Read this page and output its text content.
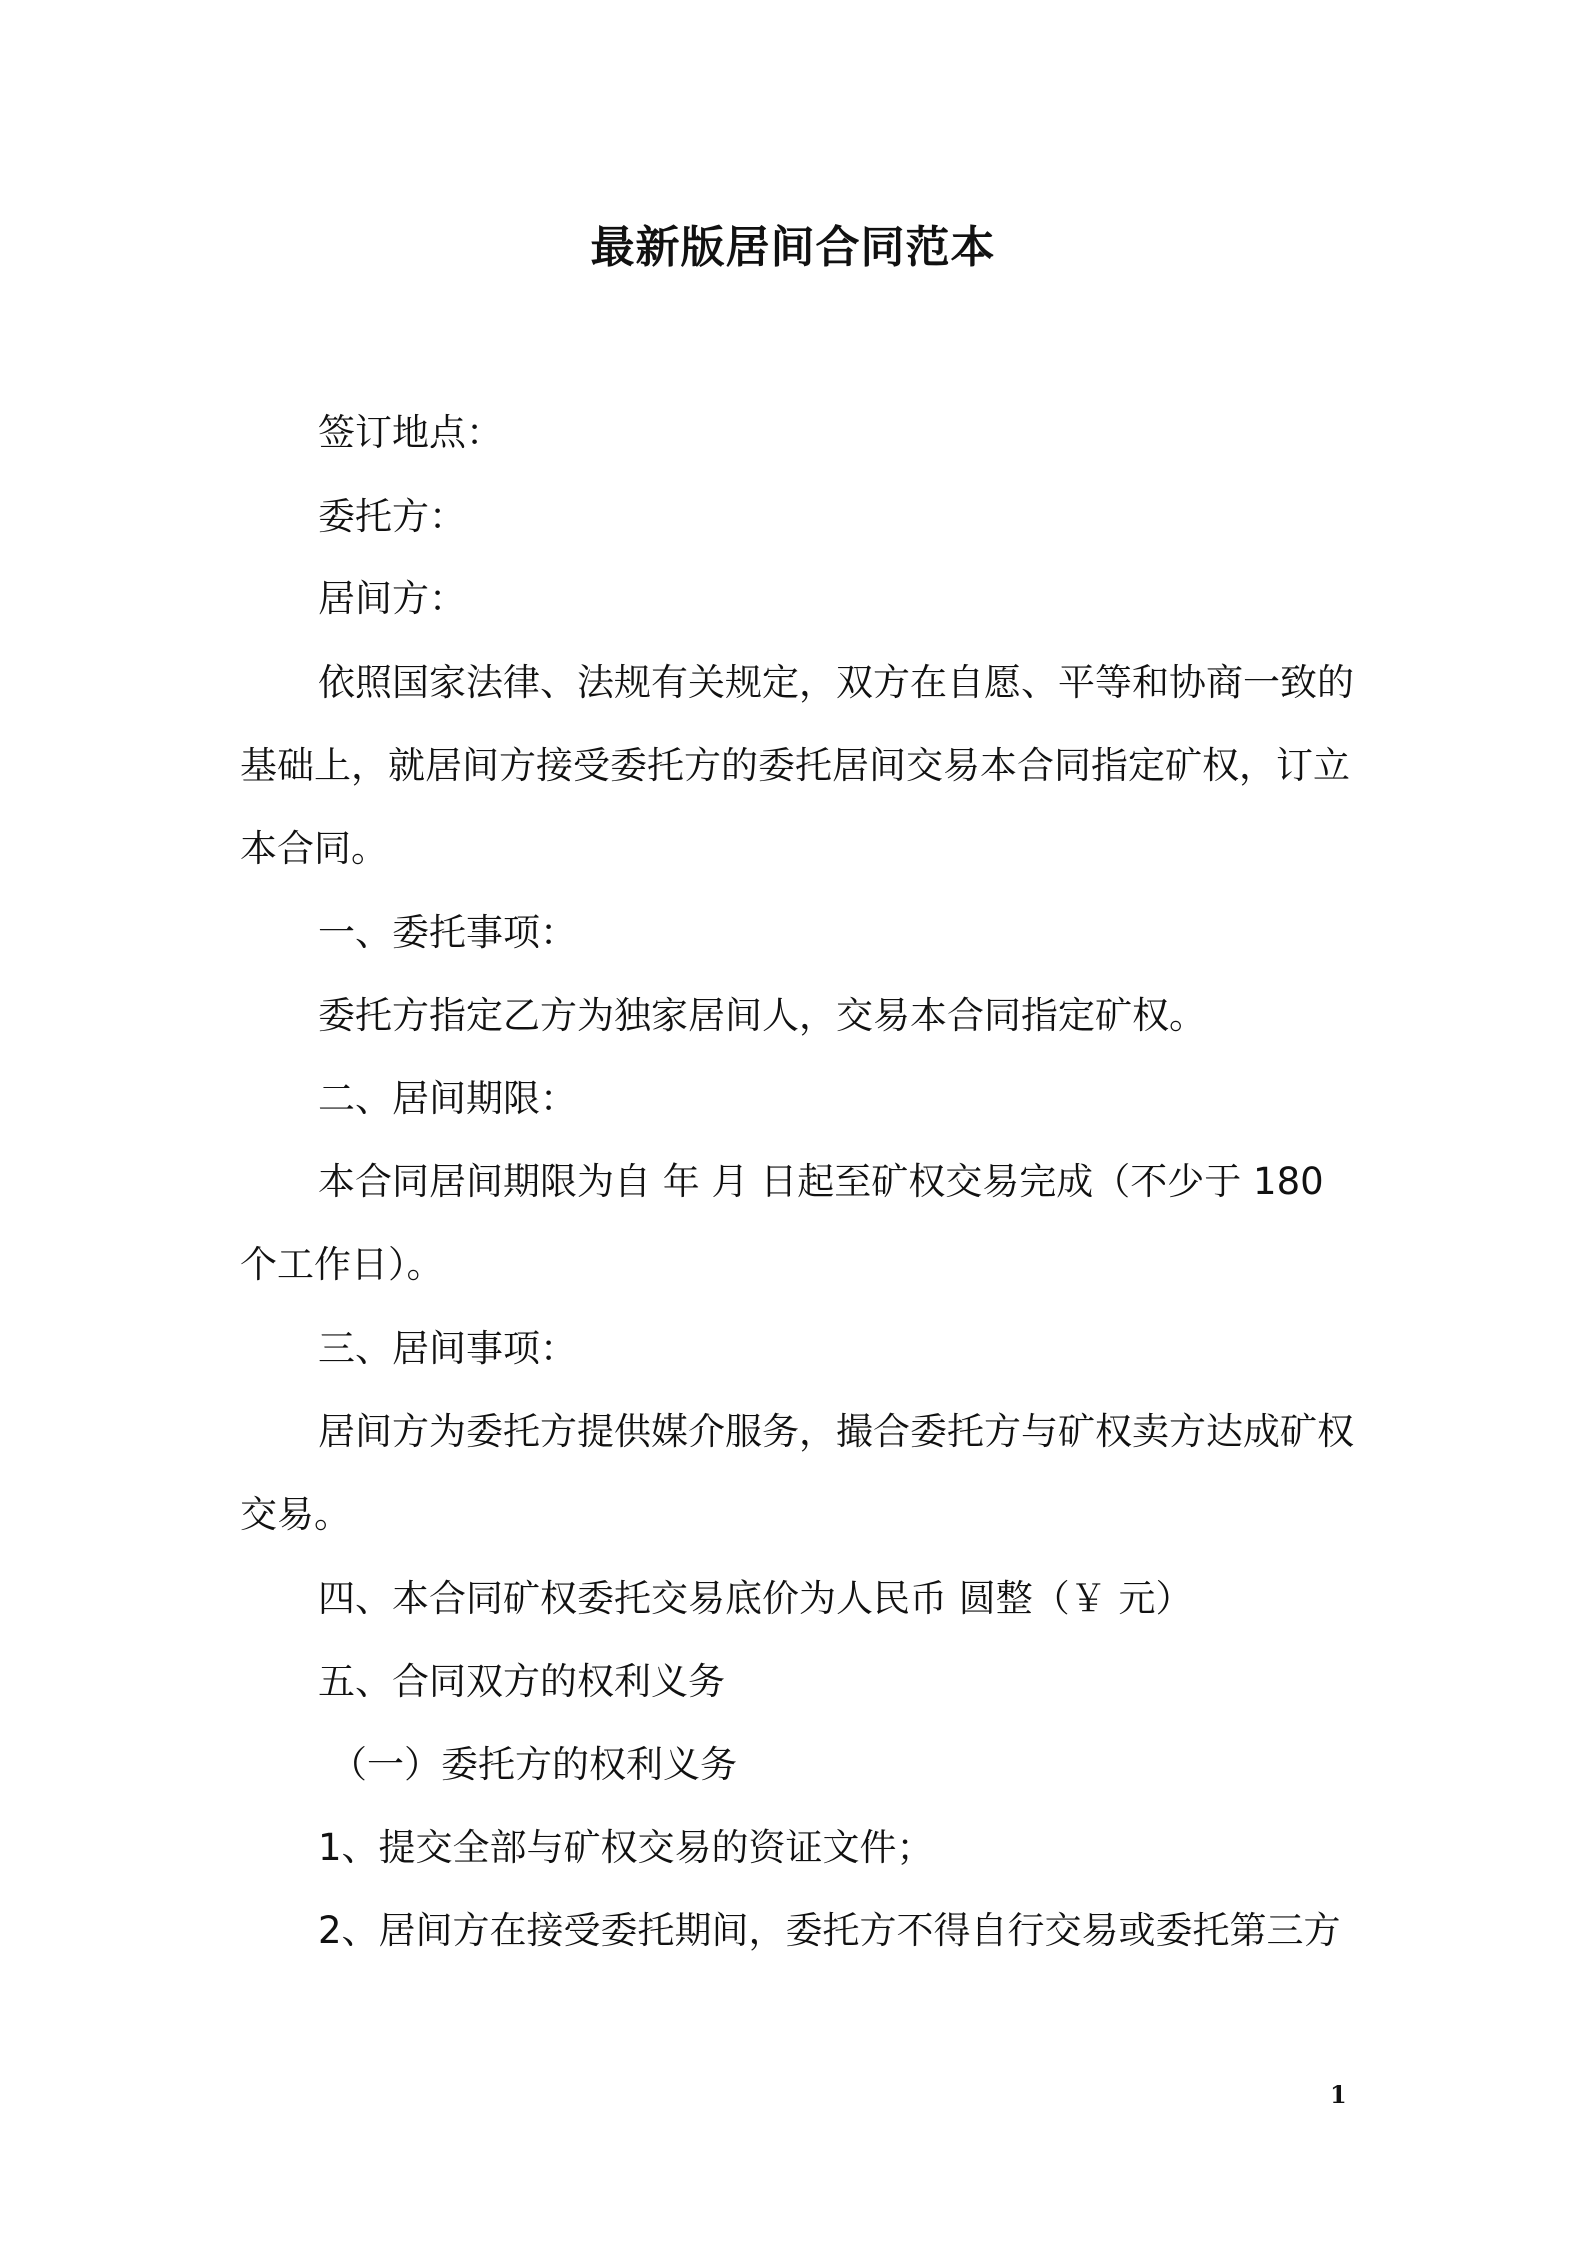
最新版居间合同范本
签订地点：
委托方：
居间方：
依照国家法律、法规有关规定，双方在自愿、平等和协商一致的
基础上，就居间方接受委托方的委托居间交易本合同指定矿权，订立
本合同。
一、委托事项：
委托方指定乙方为独家居间人，交易本合同指定矿权。
二、居间期限：
本合同居间期限为自 年 月 日起至矿权交易完成（不少于 180
个工作日）。
三、居间事项：
居间方为委托方提供媒介服务，撮合委托方与矿权卖方达成矿权
交易。
四、本合同矿权委托交易底价为人民币 圆整（￥ 元）
五、合同双方的权利义务
（一）委托方的权利义务
1、提交全部与矿权交易的资证文件；
2、居间方在接受委托期间，委托方不得自行交易或委托第三方
1
